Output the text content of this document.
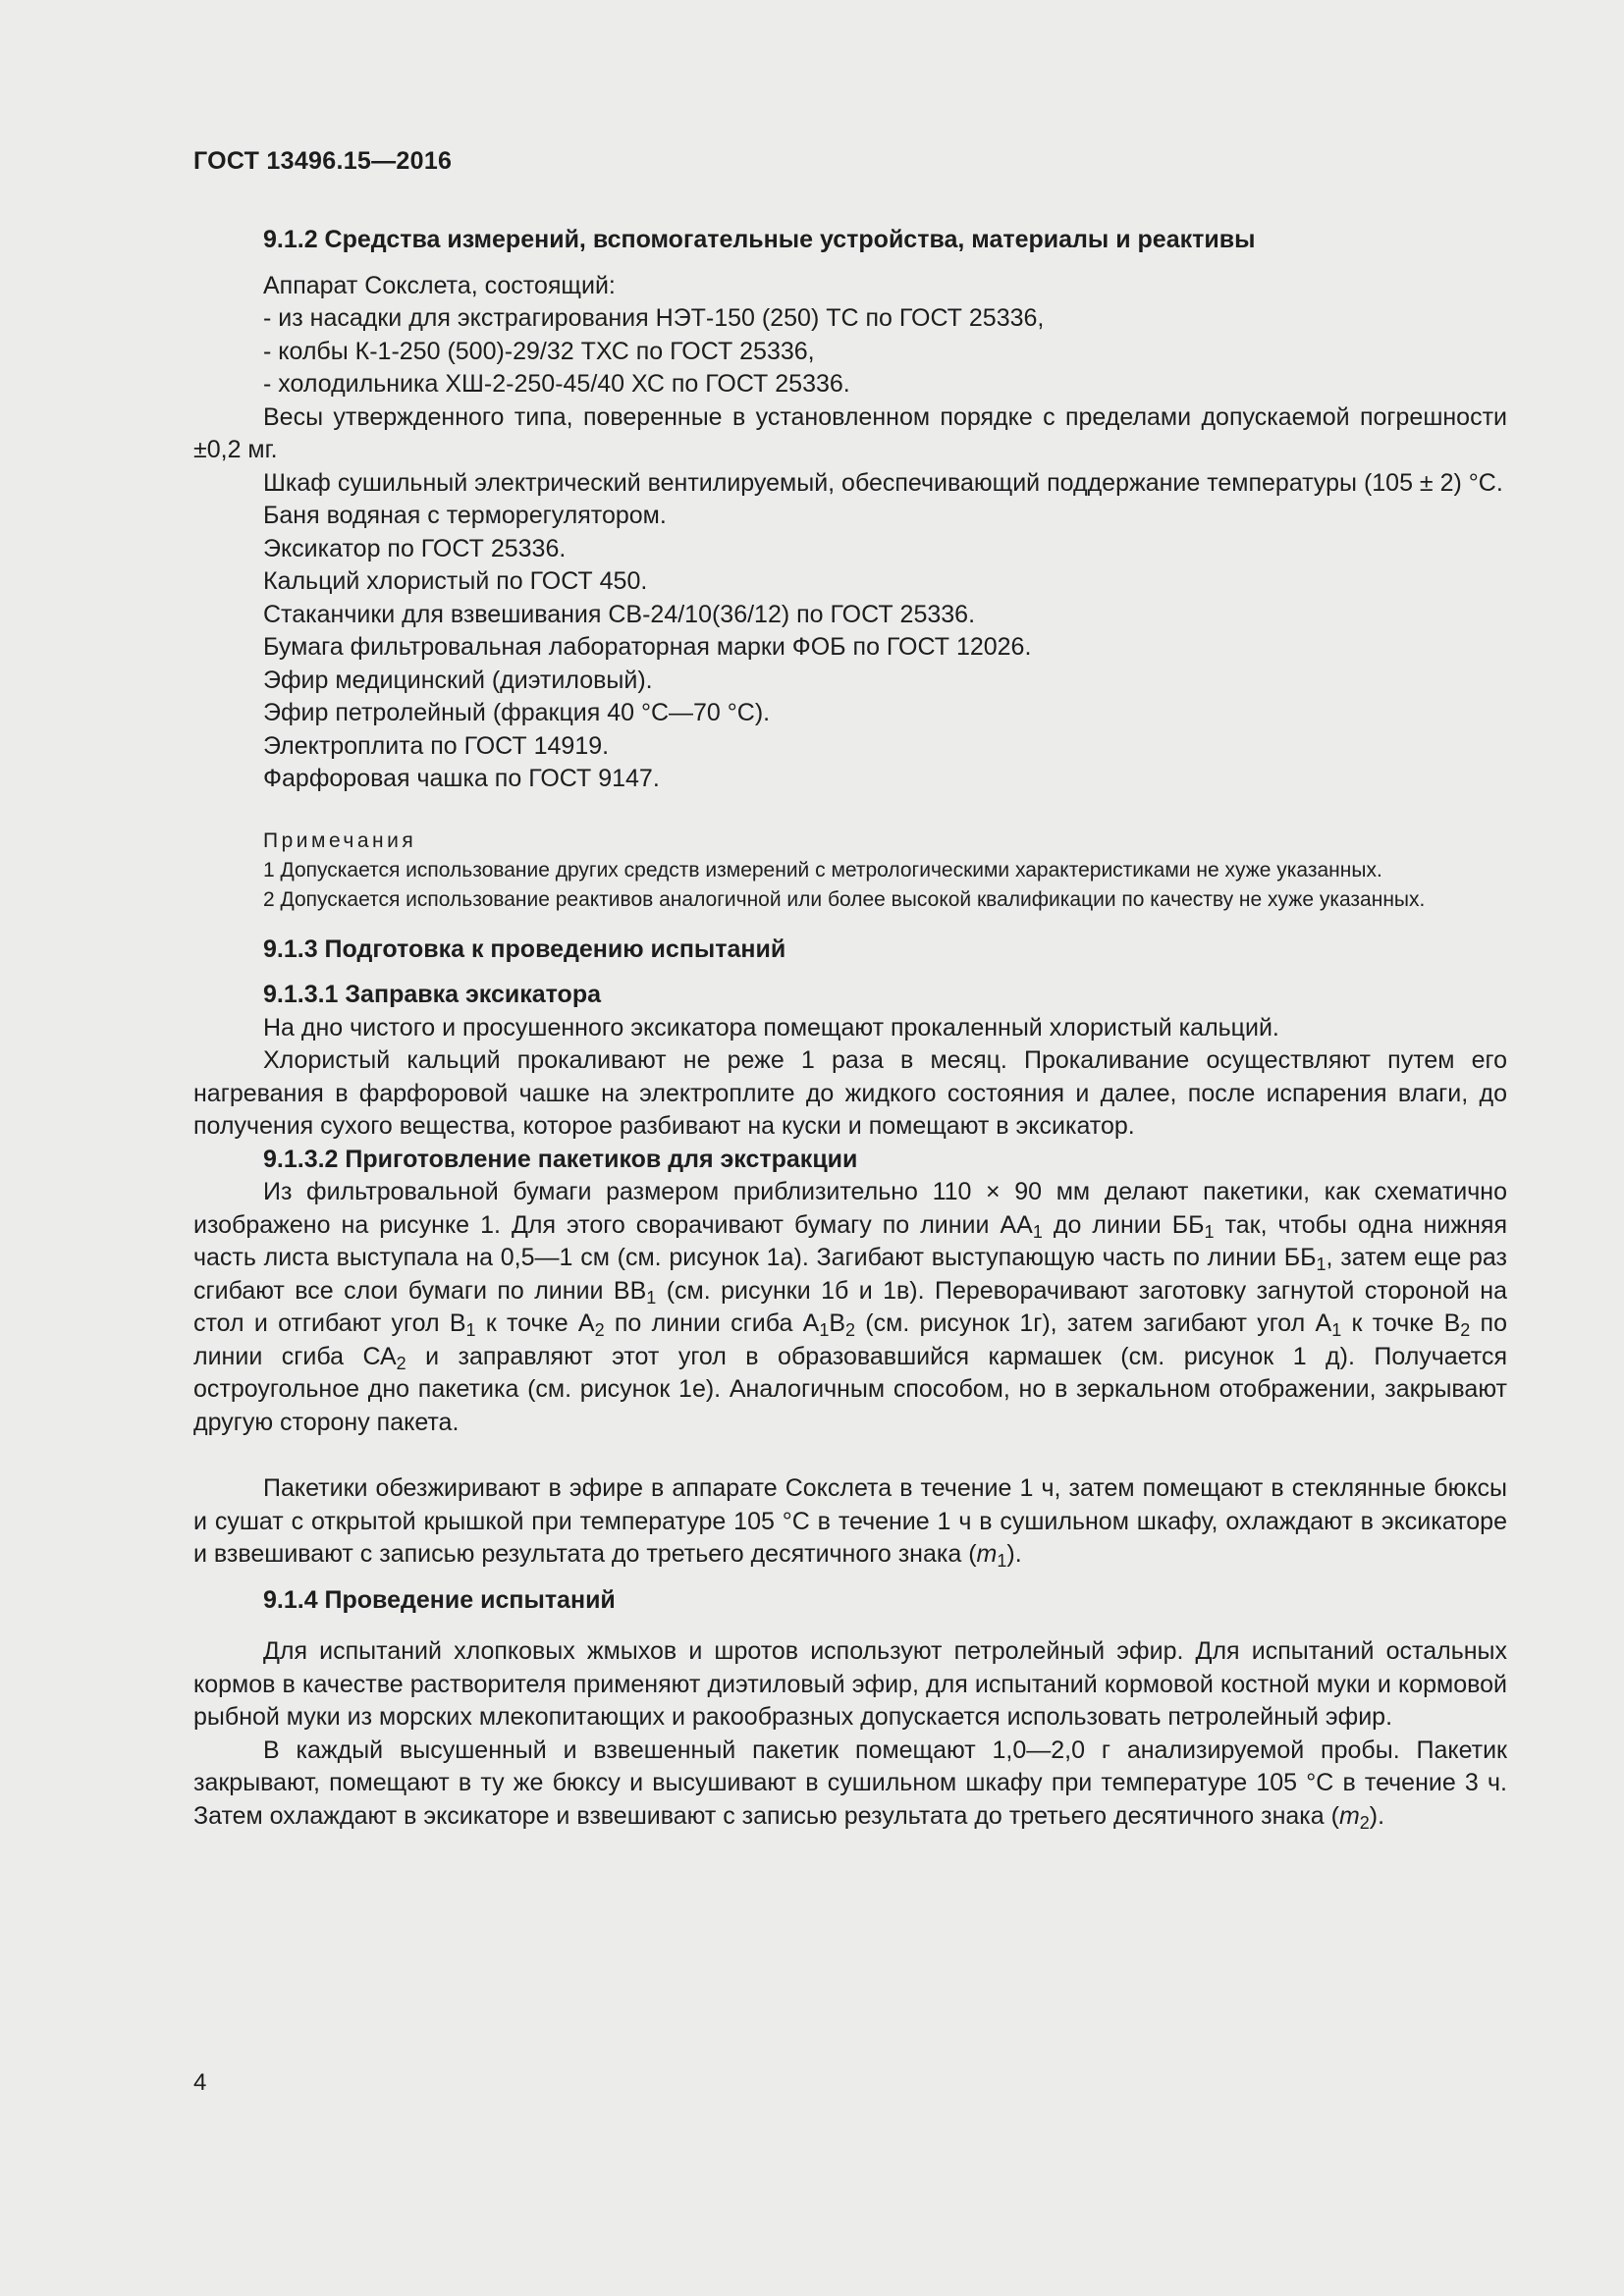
ГОСТ 13496.15—2016

9.1.2 Средства измерений, вспомогательные устройства, материалы и реактивы

Аппарат Сокслета, состоящий:

- из насадки для экстрагирования НЭТ-150 (250) ТС по ГОСТ 25336,

- колбы К-1-250 (500)-29/32 ТХС по ГОСТ 25336,

- холодильника ХШ-2-250-45/40 ХС по ГОСТ 25336.

Весы утвержденного типа, поверенные в установленном порядке с пределами допускаемой погрешности ±0,2 мг.

Шкаф сушильный электрический вентилируемый, обеспечивающий поддержание температуры (105 ± 2) °С.

Баня водяная с терморегулятором.

Эксикатор по ГОСТ 25336.

Кальций хлористый по ГОСТ 450.

Стаканчики для взвешивания СВ-24/10(36/12) по ГОСТ 25336.

Бумага фильтровальная лабораторная марки ФОБ по ГОСТ 12026.

Эфир медицинский (диэтиловый).

Эфир петролейный (фракция 40 °С—70 °С).

Электроплита по ГОСТ 14919.

Фарфоровая чашка по ГОСТ 9147.

Примечания

1 Допускается использование других средств измерений с метрологическими характеристиками не хуже указанных.

2 Допускается использование реактивов аналогичной или более высокой квалификации по качеству не хуже указанных.

9.1.3 Подготовка к проведению испытаний

9.1.3.1 Заправка эксикатора

На дно чистого и просушенного эксикатора помещают прокаленный хлористый кальций.

Хлористый кальций прокаливают не реже 1 раза в месяц. Прокаливание осуществляют путем его нагревания в фарфоровой чашке на электроплите до жидкого состояния и далее, после испарения влаги, до получения сухого вещества, которое разбивают на куски и помещают в эксикатор.

9.1.3.2 Приготовление пакетиков для экстракции

Из фильтровальной бумаги размером приблизительно 110 × 90 мм делают пакетики, как схематично изображено на рисунке 1. Для этого сворачивают бумагу по линии $АА_1$ до линии $ББ_1$ так, чтобы одна нижняя часть листа выступала на 0,5—1 см (см. рисунок 1а). Загибают выступающую часть по линии $ББ_1$, затем еще раз сгибают все слои бумаги по линии $ВВ_1$ (см. рисунки 1б и 1в). Переворачивают заготовку загнутой стороной на стол и отгибают угол $В_1$ к точке $А_2$ по линии сгиба $А_1В_2$ (см. рисунок 1г), затем загибают угол $А_1$ к точке $В_2$ по линии сгиба $СА_2$ и заправляют этот угол в образовавшийся кармашек (см. рисунок 1 д). Получается остроугольное дно пакетика (см. рисунок 1е). Аналогичным способом, но в зеркальном отображении, закрывают другую сторону пакета.

Пакетики обезжиривают в эфире в аппарате Сокслета в течение 1 ч, затем помещают в стеклянные бюксы и сушат с открытой крышкой при температуре 105 °С в течение 1 ч в сушильном шкафу, охлаждают в эксикаторе и взвешивают с записью результата до третьего десятичного знака $(m_1)$.

9.1.4 Проведение испытаний

Для испытаний хлопковых жмыхов и шротов используют петролейный эфир. Для испытаний остальных кормов в качестве растворителя применяют диэтиловый эфир, для испытаний кормовой костной муки и кормовой рыбной муки из морских млекопитающих и ракообразных допускается использовать петролейный эфир.

В каждый высушенный и взвешенный пакетик помещают 1,0—2,0 г анализируемой пробы. Пакетик закрывают, помещают в ту же бюксу и высушивают в сушильном шкафу при температуре 105 °С в течение 3 ч. Затем охлаждают в эксикаторе и взвешивают с записью результата до третьего десятичного знака $(m_2)$.

4
